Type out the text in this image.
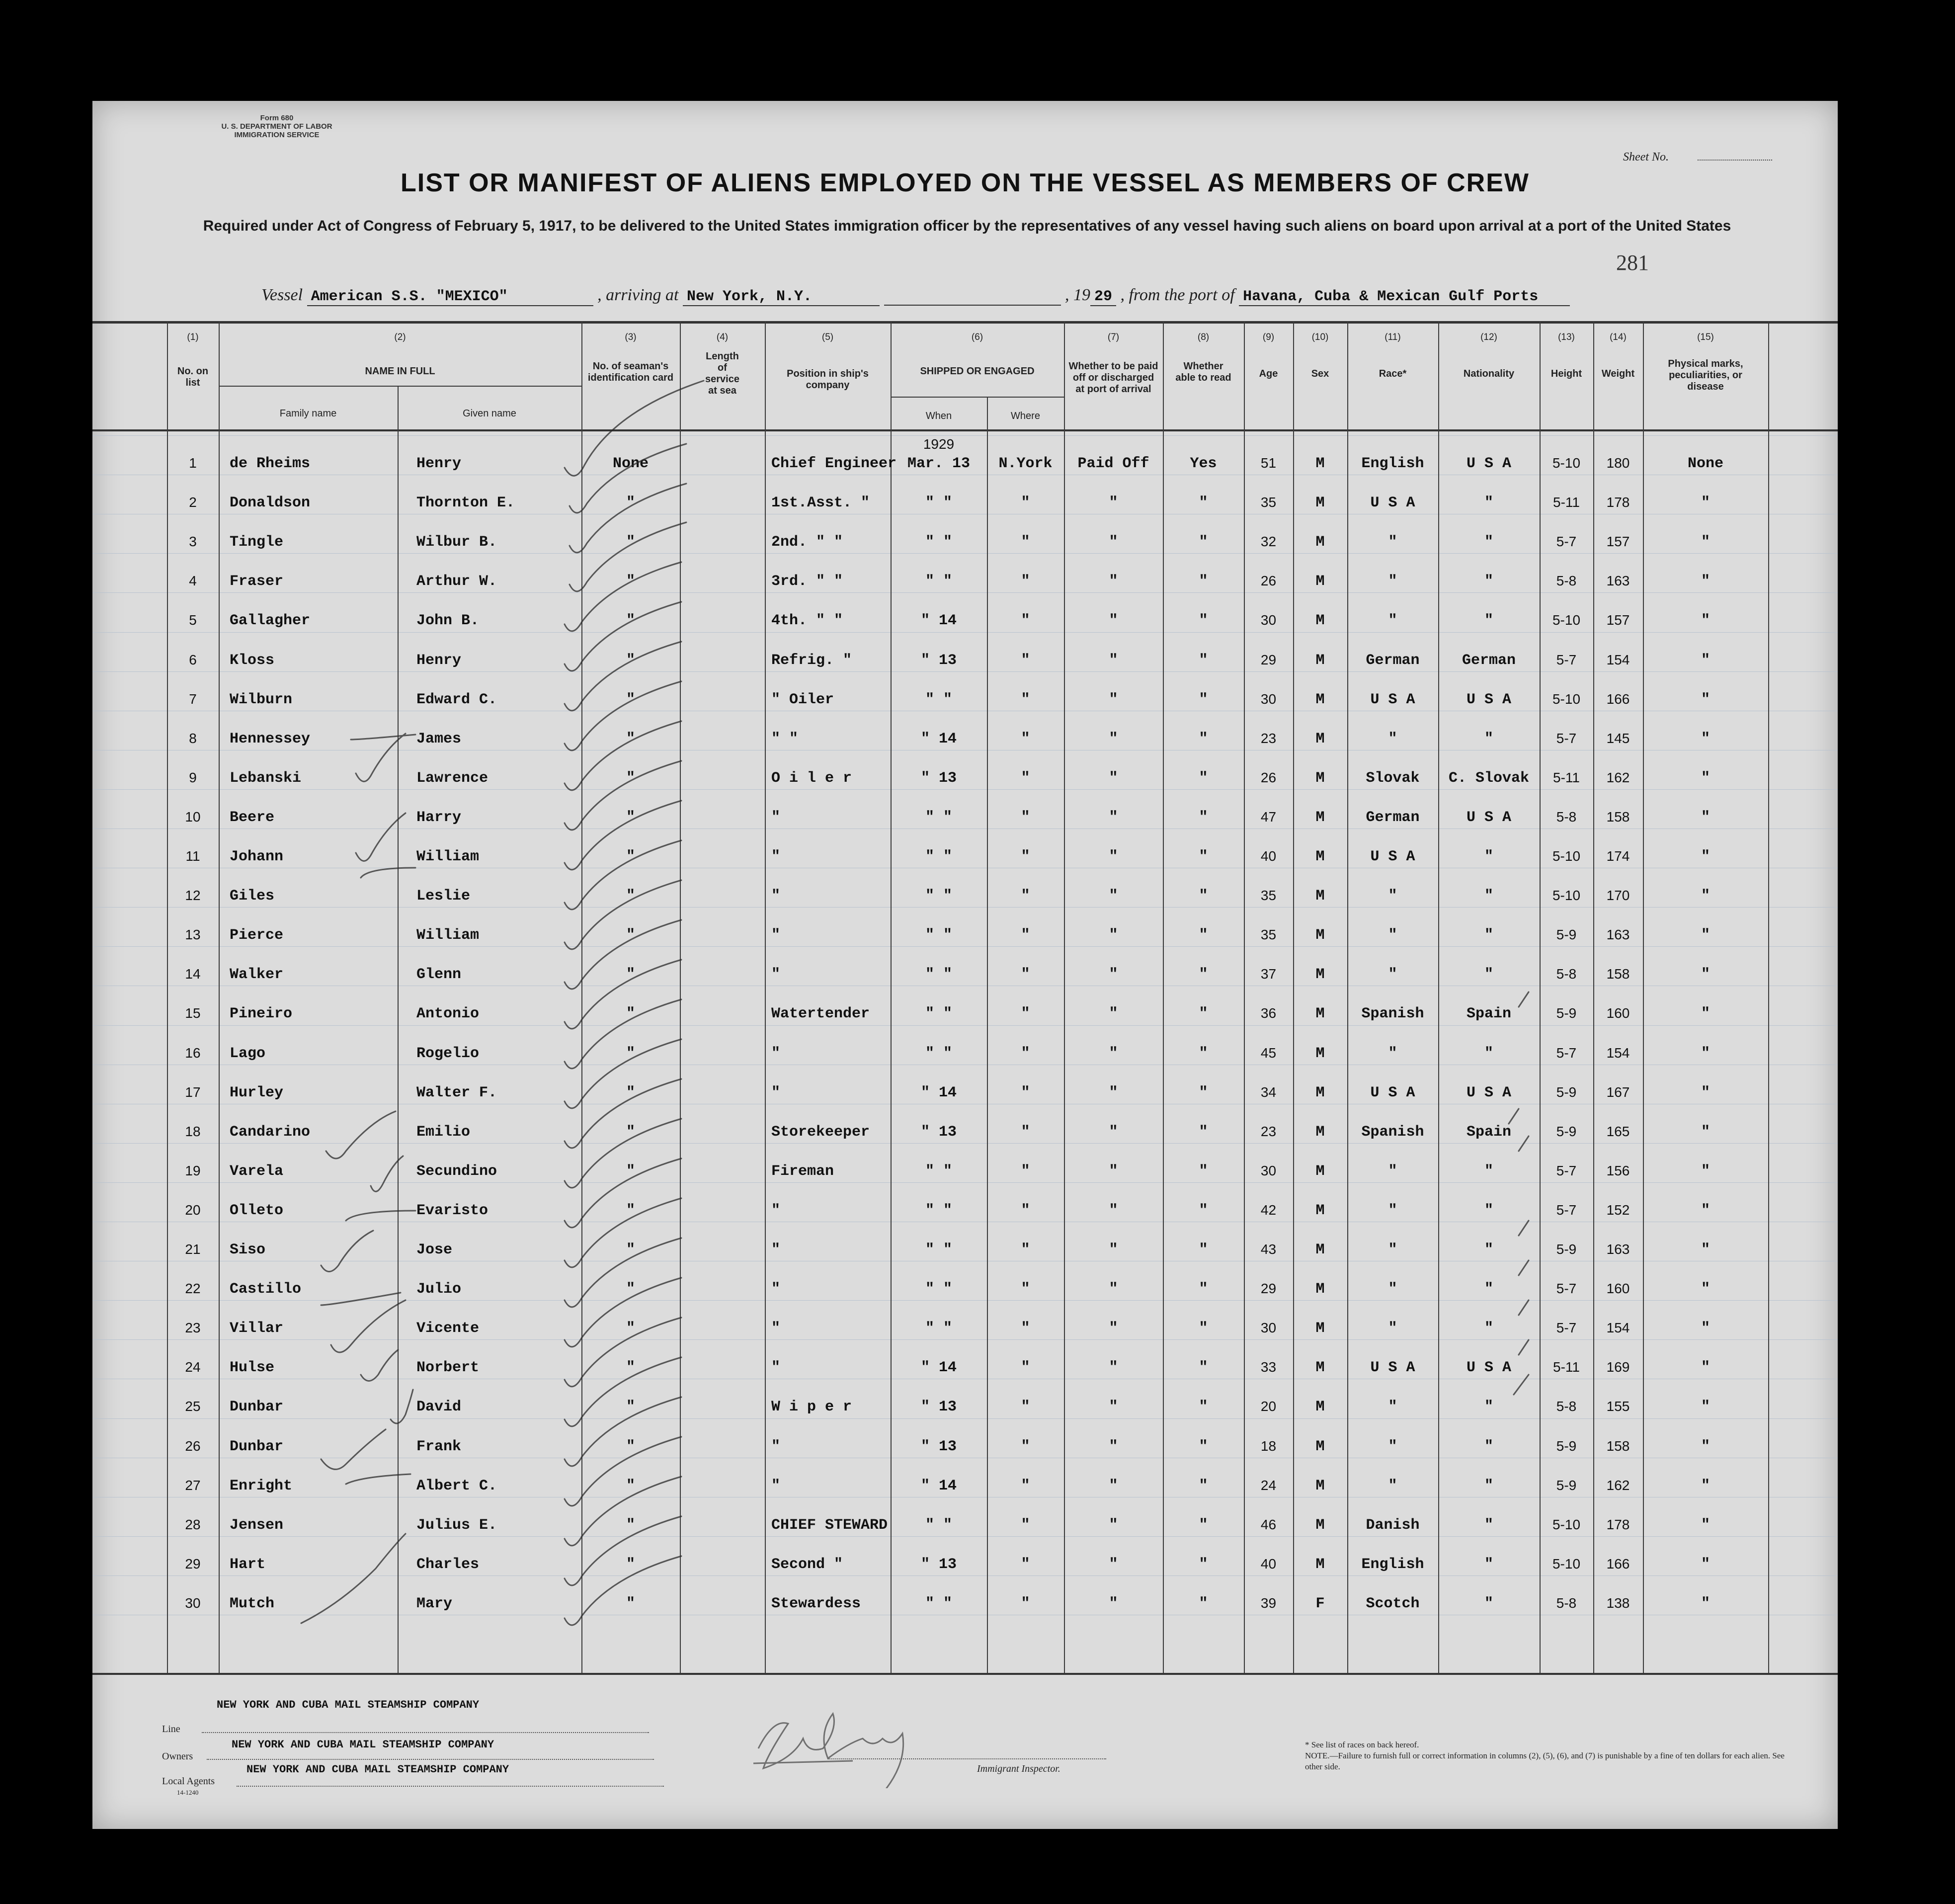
Form 680
U. S. DEPARTMENT OF LABOR
IMMIGRATION SERVICE
Sheet No.
LIST OR MANIFEST OF ALIENS EMPLOYED ON THE VESSEL AS MEMBERS OF CREW
Required under Act of Congress of February 5, 1917, to be delivered to the United States immigration officer by the representatives of any vessel having such aliens on board upon arrival at a port of the United States
281
Vessel American S.S. "MEXICO"	, arriving at New York, N.Y.	, 19 29 , from the port of Havana, Cuba & Mexican Gulf Ports
(1)
No. on list
(2)
NAME IN FULL
Family name	Given name
(3)
No. of seaman's identification card
(4)
Length of service at sea
(5)
Position in ship's company
(6)
SHIPPED OR ENGAGED
When	Where
(7)
Whether to be paid off or discharged at port of arrival
(8)
Whether able to read
(9)
Age
(10)
Sex
(11)
Race*
(12)
Nationality
(13)
Height
(14)
Weight
(15)
Physical marks, peculiarities, or disease
1929
1	de Rheims	Henry	None	Chief Engineer Mar. 13	N.York	Paid Off	Yes	51	M	English	U S A	5-10	180	None
2	Donaldson	Thornton E.	"	1st.Asst. "	" "	"	"	"	35	M	U S A	"	5-11	178	"
3	Tingle	Wilbur B.	"	2nd. " "	" "	"	"	"	32	M	"	"	5-7	157	"
4	Fraser	Arthur W.	"	3rd. " "	" "	"	"	"	26	M	"	"	5-8	163	"
5	Gallagher	John B.	"	4th. " "	" 14	"	"	"	30	M	"	"	5-10	157	"
6	Kloss	Henry	"	Refrig. "	" 13	"	"	"	29	M	German	German	5-7	154	"
7	Wilburn	Edward C.	"	" Oiler	" "	"	"	"	30	M	U S A	U S A	5-10	166	"
8	Hennessey	James	"	" "	" 14	"	"	"	23	M	"	"	5-7	145	"
9	Lebanski	Lawrence	"	O i l e r	" 13	"	"	"	26	M	Slovak	C. Slovak	5-11	162	"
10	Beere	Harry	"	"	" "	"	"	"	47	M	German	U S A	5-8	158	"
11	Johann	William	"	"	" "	"	"	"	40	M	U S A	"	5-10	174	"
12	Giles	Leslie	"	"	" "	"	"	"	35	M	"	"	5-10	170	"
13	Pierce	William	"	"	" "	"	"	"	35	M	"	"	5-9	163	"
14	Walker	Glenn	"	"	" "	"	"	"	37	M	"	"	5-8	158	"
15	Pineiro	Antonio	"	Watertender	" "	"	"	"	36	M	Spanish	Spain	5-9	160	"
16	Lago	Rogelio	"	"	" "	"	"	"	45	M	"	"	5-7	154	"
17	Hurley	Walter F.	"	"	" 14	"	"	"	34	M	U S A	U S A	5-9	167	"
18	Candarino	Emilio	"	Storekeeper	" 13	"	"	"	23	M	Spanish	Spain	5-9	165	"
19	Varela	Secundino	"	Fireman	" "	"	"	"	30	M	"	"	5-7	156	"
20	Olleto	Evaristo	"	"	" "	"	"	"	42	M	"	"	5-7	152	"
21	Siso	Jose	"	"	" "	"	"	"	43	M	"	"	5-9	163	"
22	Castillo	Julio	"	"	" "	"	"	"	29	M	"	"	5-7	160	"
23	Villar	Vicente	"	"	" "	"	"	"	30	M	"	"	5-7	154	"
24	Hulse	Norbert	"	"	" 14	"	"	"	33	M	U S A	U S A	5-11	169	"
25	Dunbar	David	"	W i p e r	" 13	"	"	"	20	M	"	"	5-8	155	"
26	Dunbar	Frank	"	"	" 13	"	"	"	18	M	"	"	5-9	158	"
27	Enright	Albert C.	"	"	" 14	"	"	"	24	M	"	"	5-9	162	"
28	Jensen	Julius E.	"	CHIEF STEWARD	" "	"	"	"	46	M	Danish	"	5-10	178	"
29	Hart	Charles	"	Second "	" 13	"	"	"	40	M	English	"	5-10	166	"
30	Mutch	Mary	"	Stewardess	" "	"	"	"	39	F	Scotch	"	5-8	138	"
Line
NEW YORK AND CUBA MAIL STEAMSHIP COMPANY
Owners
NEW YORK AND CUBA MAIL STEAMSHIP COMPANY
Local Agents
NEW YORK AND CUBA MAIL STEAMSHIP COMPANY
14-1240
Immigrant Inspector.
* See list of races on back hereof.
NOTE.—Failure to furnish full or correct information in columns (2), (5), (6), and (7) is punishable by a fine of ten dollars for each alien. See other side.
